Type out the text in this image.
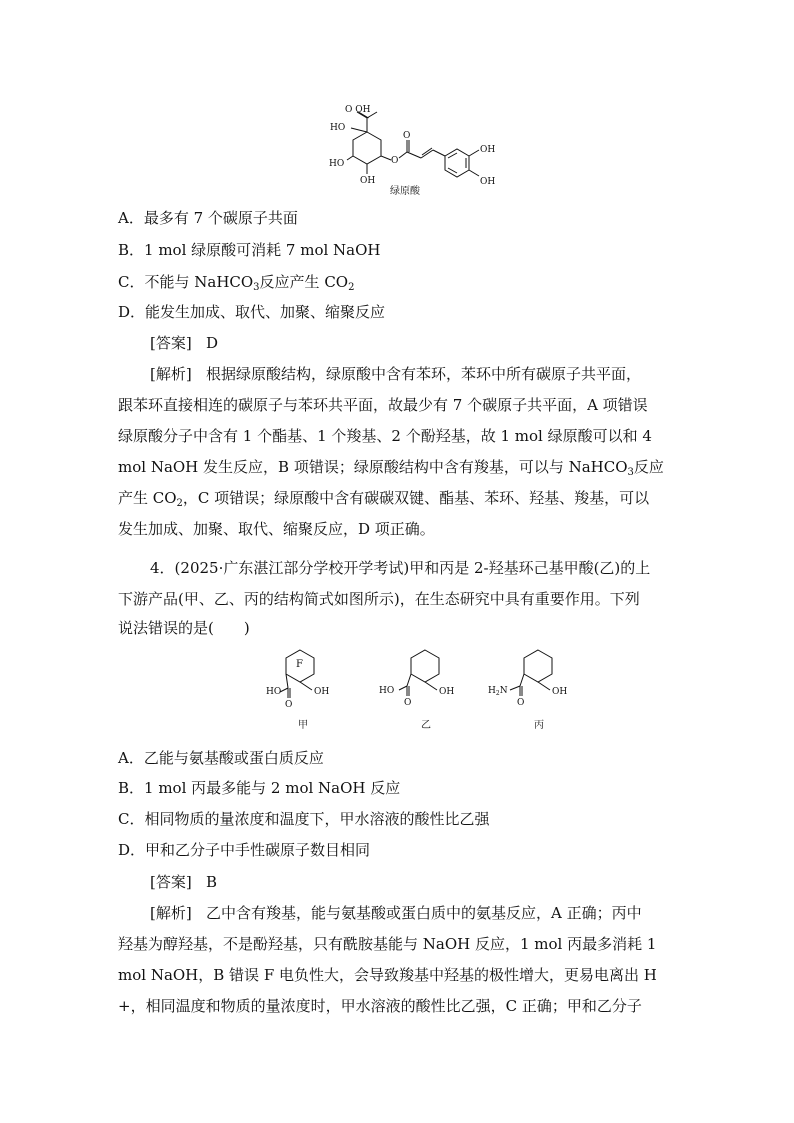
O OH
HO
HO
OH
O
O
OH
OH
绿原酸
A．最多有 7 个碳原子共面
B．1 mol 绿原酸可消耗 7 mol NaOH
C．不能与 NaHCO$_3$反应产生 $CO_2$
D．能发生加成、取代、加聚、缩聚反应
[答案] D
[解析] 根据绿原酸结构，绿原酸中含有苯环，苯环中所有碳原子共平面，
跟苯环直接相连的碳原子与苯环共平面，故最少有 7 个碳原子共平面，A 项错误
绿原酸分子中含有 1 个酯基、1 个羧基、2 个酚羟基，故 1 mol 绿原酸可以和 4
mol NaOH 发生反应，B 项错误；绿原酸结构中含有羧基，可以与 NaHCO$_3$反应
产生 $CO_2$，C 项错误；绿原酸中含有碳碳双键、酯基、苯环、羟基、羧基，可以
发生加成、加聚、取代、缩聚反应，D 项正确。
4．(2025·广东湛江部分学校开学考试)甲和丙是 2-羟基环己基甲酸(乙)的上
下游产品(甲、乙、丙的结构简式如图所示)，在生态研究中具有重要作用。下列
说法错误的是(　　)
F
HO
O
OH
甲
HO
O
OH
乙
$H_2N$
O
OH
丙
A．乙能与氨基酸或蛋白质反应
B．1 mol 丙最多能与 2 mol NaOH 反应
C．相同物质的量浓度和温度下，甲水溶液的酸性比乙强
D．甲和乙分子中手性碳原子数目相同
[答案] B
[解析] 乙中含有羧基，能与氨基酸或蛋白质中的氨基反应，A 正确；丙中
羟基为醇羟基，不是酚羟基，只有酰胺基能与 NaOH 反应，1 mol 丙最多消耗 1
mol NaOH，B 错误 F 电负性大，会导致羧基中羟基的极性增大，更易电离出 H
+，相同温度和物质的量浓度时，甲水溶液的酸性比乙强，C 正确；甲和乙分子
